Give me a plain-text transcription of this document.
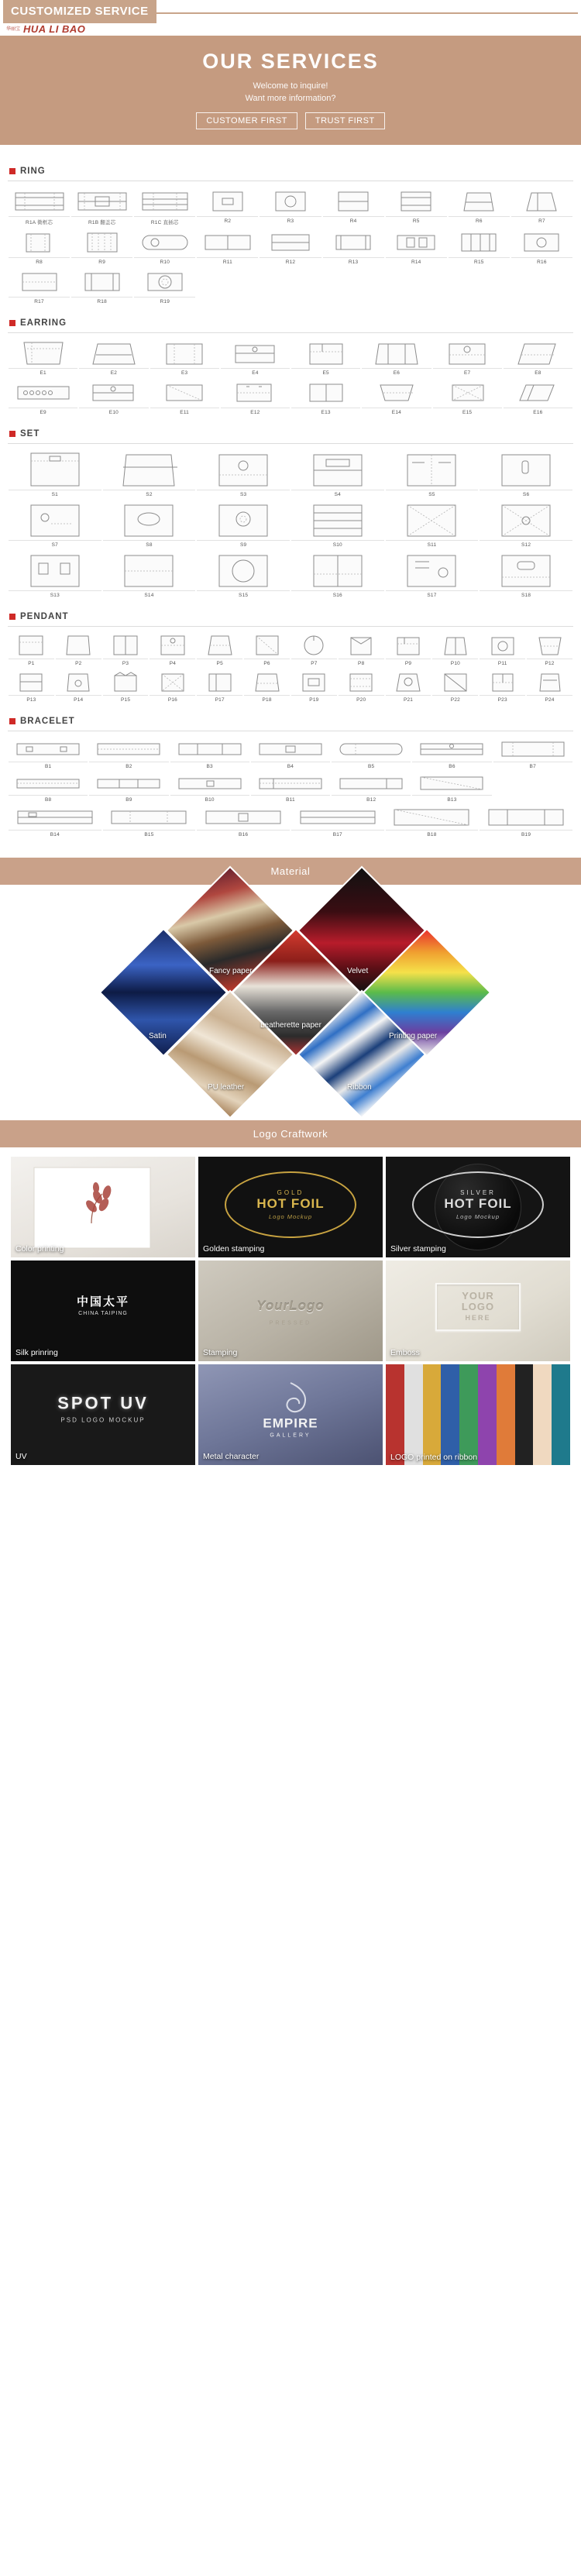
CUSTOMIZED SERVICE
华丽宝 HUA LI BAO
OUR SERVICES
Welcome to inquire!
Want more information?
CUSTOMER FIRST	TRUST FIRST
RING
R1A 微框芯	R1B 翻盖芯	R1C 直插芯	R2	R3	R4	R5	R6	R7
R8	R9	R10	R11	R12	R13	R14	R15	R16
R17	R18	R19
EARRING
E1	E2	E3	E4	E5	E6	E7	E8
E9	E10	E11	E12	E13	E14	E15	E16
SET
S1	S2	S3	S4	S5	S6
S7	S8	S9	S10	S11	S12
S13	S14	S15	S16	S17	S18
PENDANT
P1	P2	P3	P4	P5	P6	P7	P8	P9	P10	P11	P12
P13	P14	P15	P16	P17	P18	P19	P20	P21	P22	P23	P24
BRACELET
B1	B2	B3	B4	B5	B6	B7
B8	B9	B10	B11	B12	B13
B14	B15	B16	B17	B18	B19
Material
Satin
Fancy paper	Velvet
Leatherette paper
PU leather	Ribbon
Printing paper
Logo Craftwork
Color printing
GOLD
HOT FOIL
Logo Mockup
Golden stamping
SILVER
HOT FOIL
Logo Mockup
Silver stamping
中国太平
CHINA TAIPING
Silk prinring
YourLogo
PRESSED
Stamping
YOUR
LOGO
HERE
Emboss
SPOT UV
PSD LOGO MOCKUP
UV
EMPIRE
GALLERY
Metal character	LOGO printed on ribbon
